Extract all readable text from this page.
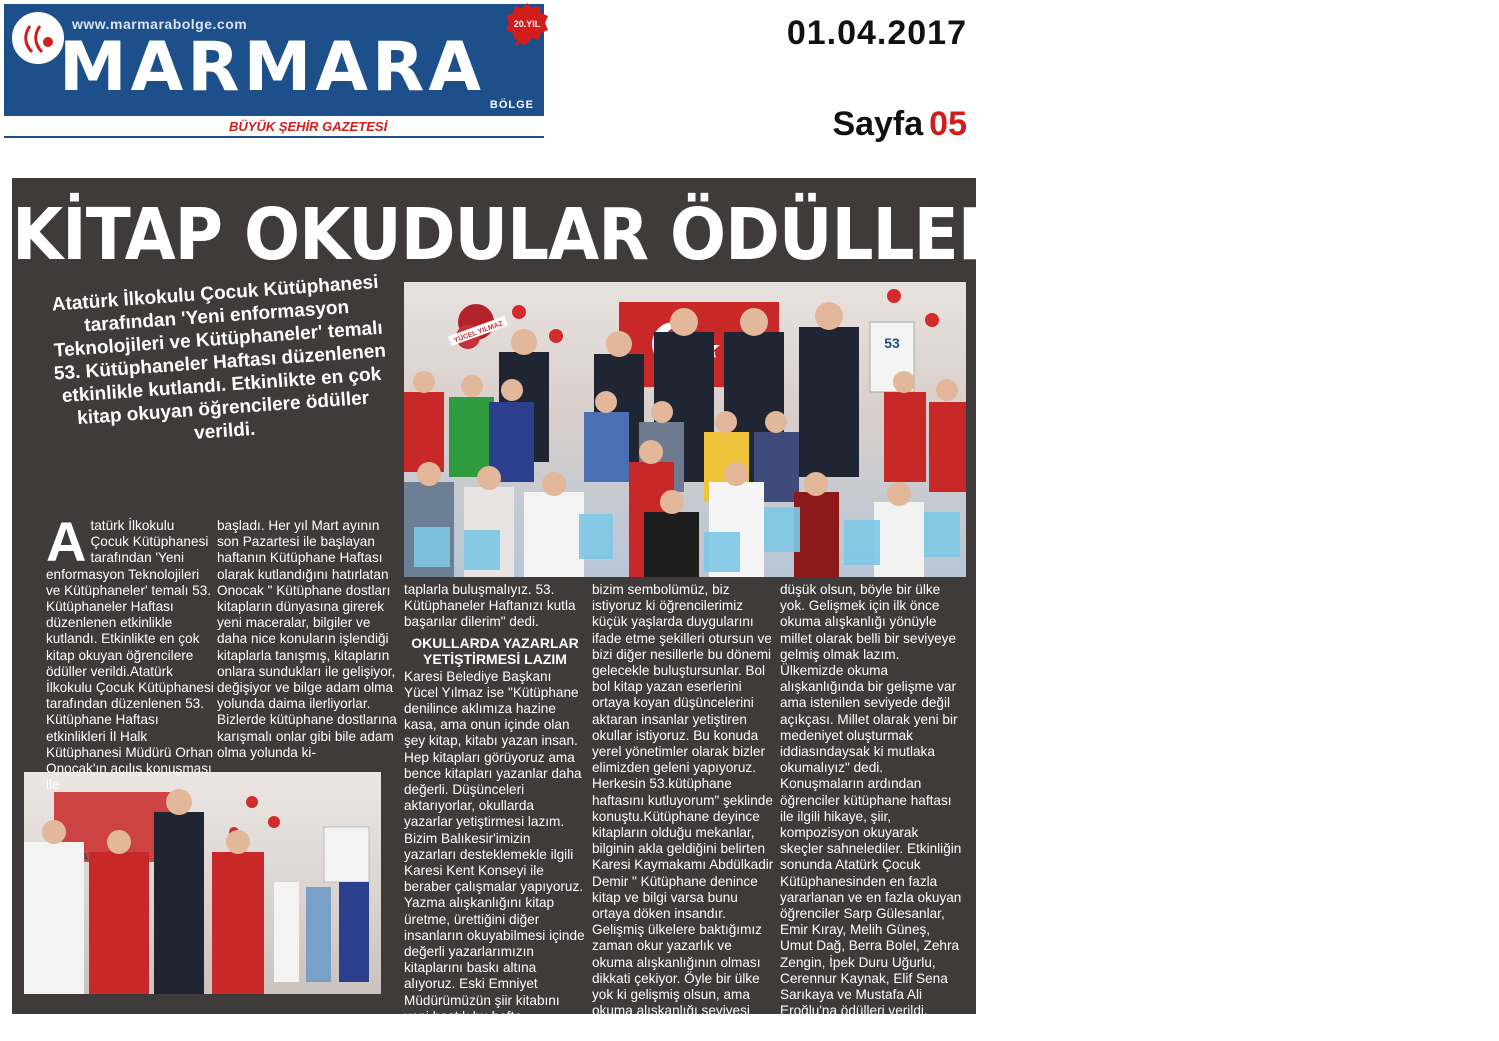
www.marmarabolge.com
MARMARA BÖLGE
20.YIL
BÜYÜK ŞEHİR GAZETESİ
01.04.2017
Sayfa 05
KİTAP OKUDULAR ÖDÜLLER KAZANDILAR
Atatürk İlkokulu Çocuk Kütüphanesi tarafından 'Yeni enformasyon Teknolojileri ve Kütüphaneler' temalı 53. Kütüphaneler Haftası düzenlenen etkinlikle kutlandı. Etkinlikte en çok kitap okuyan öğrencilere ödüller verildi.
53
YÜCEL YILMAZ
Atatürk İlkokulu Çocuk Kütüphanesi tarafından 'Yeni enformasyon Teknolojileri ve Kütüphaneler' temalı 53. Kütüphaneler Haftası düzenlenen etkinlikle kutlandı. Etkinlikte en çok kitap okuyan öğrencilere ödüller verildi.Atatürk İlkokulu Çocuk Kütüphanesi tarafından düzenlenen 53. Kütüphane Haftası etkinlikleri İl Halk Kütüphanesi Müdürü Orhan Onocak'ın açılış konuşması ile
başladı. Her yıl Mart ayının son Pazartesi ile başlayan haftanın Kütüphane Haftası olarak kutlandığını hatırlatan Onocak " Kütüphane dostları kitapların dünyasına girerek yeni maceralar, bilgiler ve daha nice konuların işlendiği kitaplarla tanışmış, kitapların onlara sundukları ile gelişiyor, değişiyor ve bilge adam olma yolunda daima ilerliyorlar. Bizlerde kütüphane dostlarına karışmalı onlar gibi bile adam olma yolunda ki-
taplarla buluşmalıyız. 53. Kütüphaneler Haftanızı kutla başarılar dilerim" dedi.
OKULLARDA YAZARLAR YETİŞTİRMESİ LAZIM
Karesi Belediye Başkanı Yücel Yılmaz ise "Kütüphane denilince aklımıza hazine kasa, ama onun içinde olan şey kitap, kitabı yazan insan. Hep kitapları görüyoruz ama bence kitapları yazanlar daha değerli. Düşünceleri aktarıyorlar, okullarda yazarlar yetiştirmesi lazım. Bizim Balıkesir'imizin yazarları desteklemekle ilgili Karesi Kent Konseyi ile beraber çalışmalar yapıyoruz. Yazma alışkanlığını kitap üretme, ürettiğini diğer insanların okuyabilmesi içinde değerli yazarlarımızın kitaplarını baskı altına alıyoruz. Eski Emniyet Müdürümüzün şiir kitabını yeni bastık bu hafta gönderiyoruz. Kütüphane
bizim sembolümüz, biz istiyoruz ki öğrencilerimiz küçük yaşlarda duygularını ifade etme şekilleri otursun ve bizi diğer nesillerle bu dönemi gelecekle buluştursunlar. Bol bol kitap yazan eserlerini ortaya koyan düşüncelerini aktaran insanlar yetiştiren okullar istiyoruz. Bu konuda yerel yönetimler olarak bizler elimizden geleni yapıyoruz. Herkesin 53.kütüphane haftasını kutluyorum" şeklinde konuştu.Kütüphane deyince kitapların olduğu mekanlar, bilginin akla geldiğini belirten Karesi Kaymakamı Abdülkadir Demir " Kütüphane denince kitap ve bilgi varsa bunu ortaya döken insandır. Gelişmiş ülkelere baktığımız zaman okur yazarlık ve okuma alışkanlığının olması dikkati çekiyor. Öyle bir ülke yok ki gelişmiş olsun, ama okuma alışkanlığı seviyesi
düşük olsun, böyle bir ülke yok. Gelişmek için ilk önce okuma alışkanlığı yönüyle millet olarak belli bir seviyeye gelmiş olmak lazım. Ülkemizde okuma alışkanlığında bir gelişme var ama istenilen seviyede değil açıkçası. Millet olarak yeni bir medeniyet oluşturmak iddiasındaysak ki mutlaka okumalıyız" dedi. Konuşmaların ardından öğrenciler kütüphane haftası ile ilgili hikaye, şiir, kompozisyon okuyarak skeçler sahnelediler. Etkinliğin sonunda Atatürk Çocuk Kütüphanesinden en fazla yararlanan ve en fazla okuyan öğrenciler Sarp Gülesanlar, Emir Kıray, Melih Güneş, Umut Dağ, Berra Bolel, Zehra Zengin, İpek Duru Uğurlu, Cerennur Kaynak, Elif Sena Sarıkaya ve Mustafa Ali Eroğlu'na ödülleri verildi.
(İHA)
